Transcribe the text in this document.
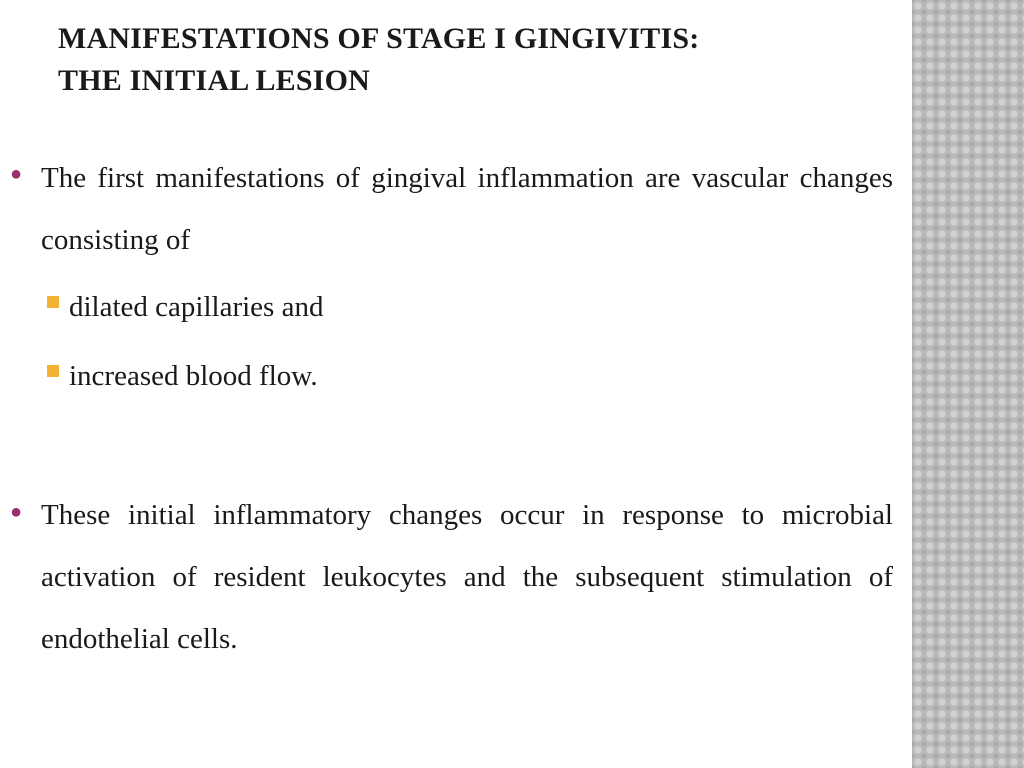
MANIFESTATIONS OF STAGE I GINGIVITIS:
THE INITIAL LESION
● The first manifestations of gingival inflammation are vascular changes consisting of
dilated capillaries and
increased blood flow.
● These initial inflammatory changes occur in response to microbial activation of resident leukocytes and the subsequent stimulation of endothelial cells.
